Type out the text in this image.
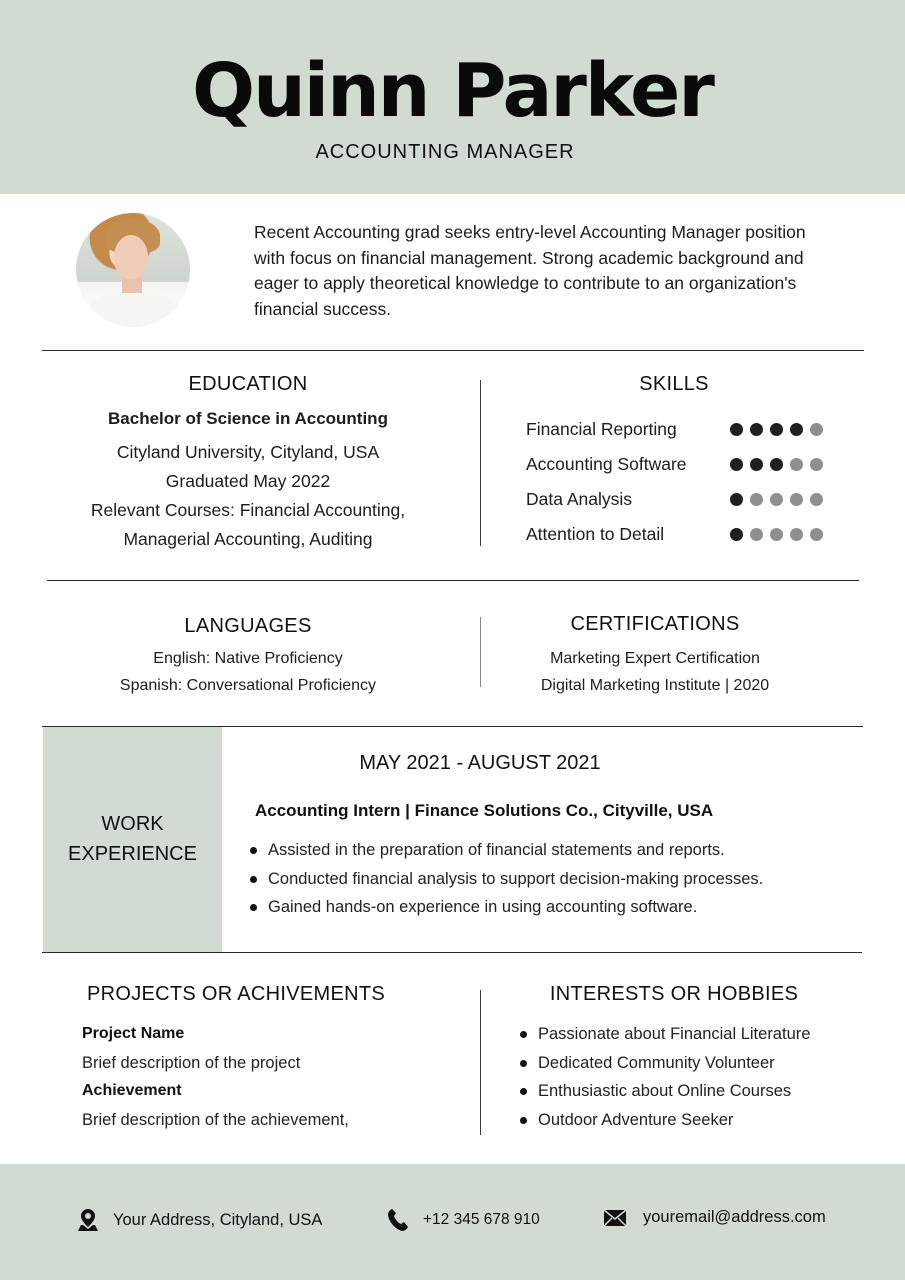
Quinn Parker
ACCOUNTING MANAGER
Recent Accounting grad seeks entry-level Accounting Manager position with focus on financial management. Strong academic background and eager to apply theoretical knowledge to contribute to an organization's financial success.
EDUCATION
Bachelor of Science in Accounting
Cityland University, Cityland, USA
Graduated May 2022
Relevant Courses: Financial Accounting,
Managerial Accounting, Auditing
SKILLS
Financial Reporting
Accounting Software
Data Analysis
Attention to Detail
LANGUAGES
English: Native Proficiency
Spanish: Conversational Proficiency
CERTIFICATIONS
Marketing Expert Certification
Digital Marketing Institute | 2020
WORK
EXPERIENCE
MAY 2021 - AUGUST 2021
Accounting Intern | Finance Solutions Co., Cityville, USA
Assisted in the preparation of financial statements and reports.
Conducted financial analysis to support decision-making processes.
Gained hands-on experience in using accounting software.
PROJECTS OR ACHIVEMENTS
Project Name
Brief description of the project
Achievement
Brief description of the achievement,
INTERESTS OR HOBBIES
Passionate about Financial Literature
Dedicated Community Volunteer
Enthusiastic about Online Courses
Outdoor Adventure Seeker
Your Address, Cityland, USA	+12 345 678 910	youremail@address.com
